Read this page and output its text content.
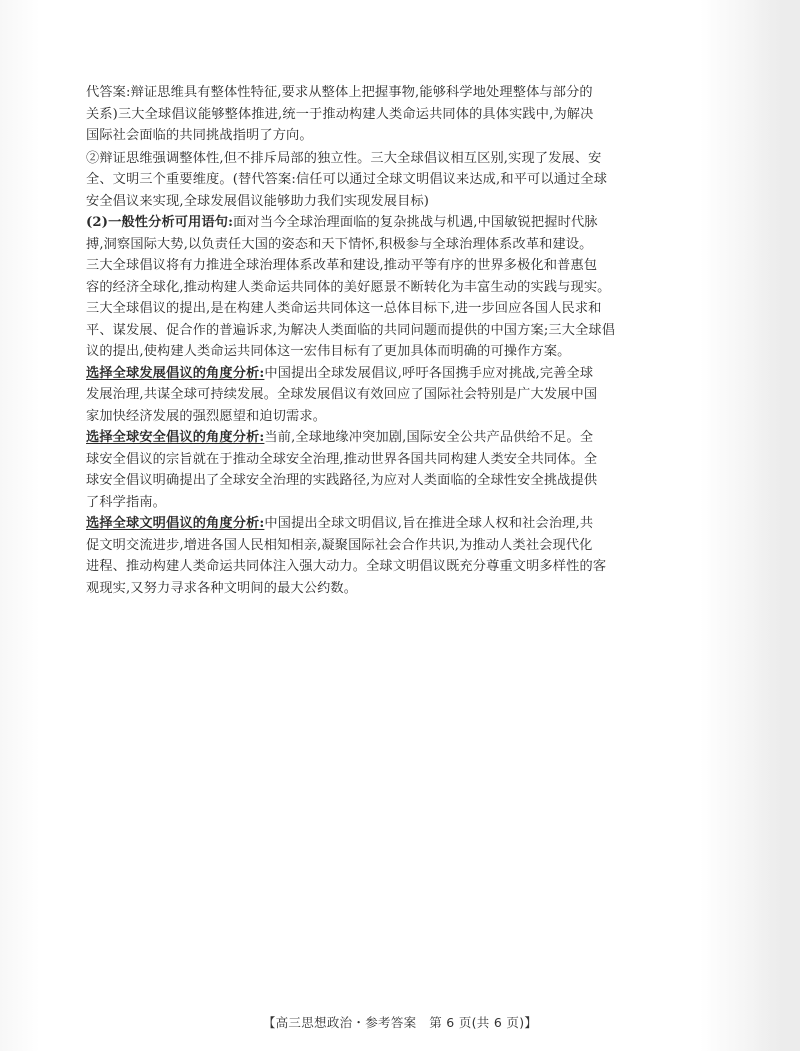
代答案:辩证思维具有整体性特征,要求从整体上把握事物,能够科学地处理整体与部分的
关系)三大全球倡议能够整体推进,统一于推动构建人类命运共同体的具体实践中,为解决
国际社会面临的共同挑战指明了方向。
②辩证思维强调整体性,但不排斥局部的独立性。三大全球倡议相互区别,实现了发展、安
全、文明三个重要维度。(替代答案:信任可以通过全球文明倡议来达成,和平可以通过全球
安全倡议来实现,全球发展倡议能够助力我们实现发展目标)
(2)一般性分析可用语句:面对当今全球治理面临的复杂挑战与机遇,中国敏锐把握时代脉
搏,洞察国际大势,以负责任大国的姿态和天下情怀,积极参与全球治理体系改革和建设。
三大全球倡议将有力推进全球治理体系改革和建设,推动平等有序的世界多极化和普惠包
容的经济全球化,推动构建人类命运共同体的美好愿景不断转化为丰富生动的实践与现实。
三大全球倡议的提出,是在构建人类命运共同体这一总体目标下,进一步回应各国人民求和
平、谋发展、促合作的普遍诉求,为解决人类面临的共同问题而提供的中国方案;三大全球倡
议的提出,使构建人类命运共同体这一宏伟目标有了更加具体而明确的可操作方案。
选择全球发展倡议的角度分析:中国提出全球发展倡议,呼吁各国携手应对挑战,完善全球
发展治理,共谋全球可持续发展。全球发展倡议有效回应了国际社会特别是广大发展中国
家加快经济发展的强烈愿望和迫切需求。
选择全球安全倡议的角度分析:当前,全球地缘冲突加剧,国际安全公共产品供给不足。全
球安全倡议的宗旨就在于推动全球安全治理,推动世界各国共同构建人类安全共同体。全
球安全倡议明确提出了全球安全治理的实践路径,为应对人类面临的全球性安全挑战提供
了科学指南。
选择全球文明倡议的角度分析:中国提出全球文明倡议,旨在推进全球人权和社会治理,共
促文明交流进步,增进各国人民相知相亲,凝聚国际社会合作共识,为推动人类社会现代化
进程、推动构建人类命运共同体注入强大动力。全球文明倡议既充分尊重文明多样性的客
观现实,又努力寻求各种文明间的最大公约数。
【高三思想政治・参考答案　第 6 页(共 6 页)】
